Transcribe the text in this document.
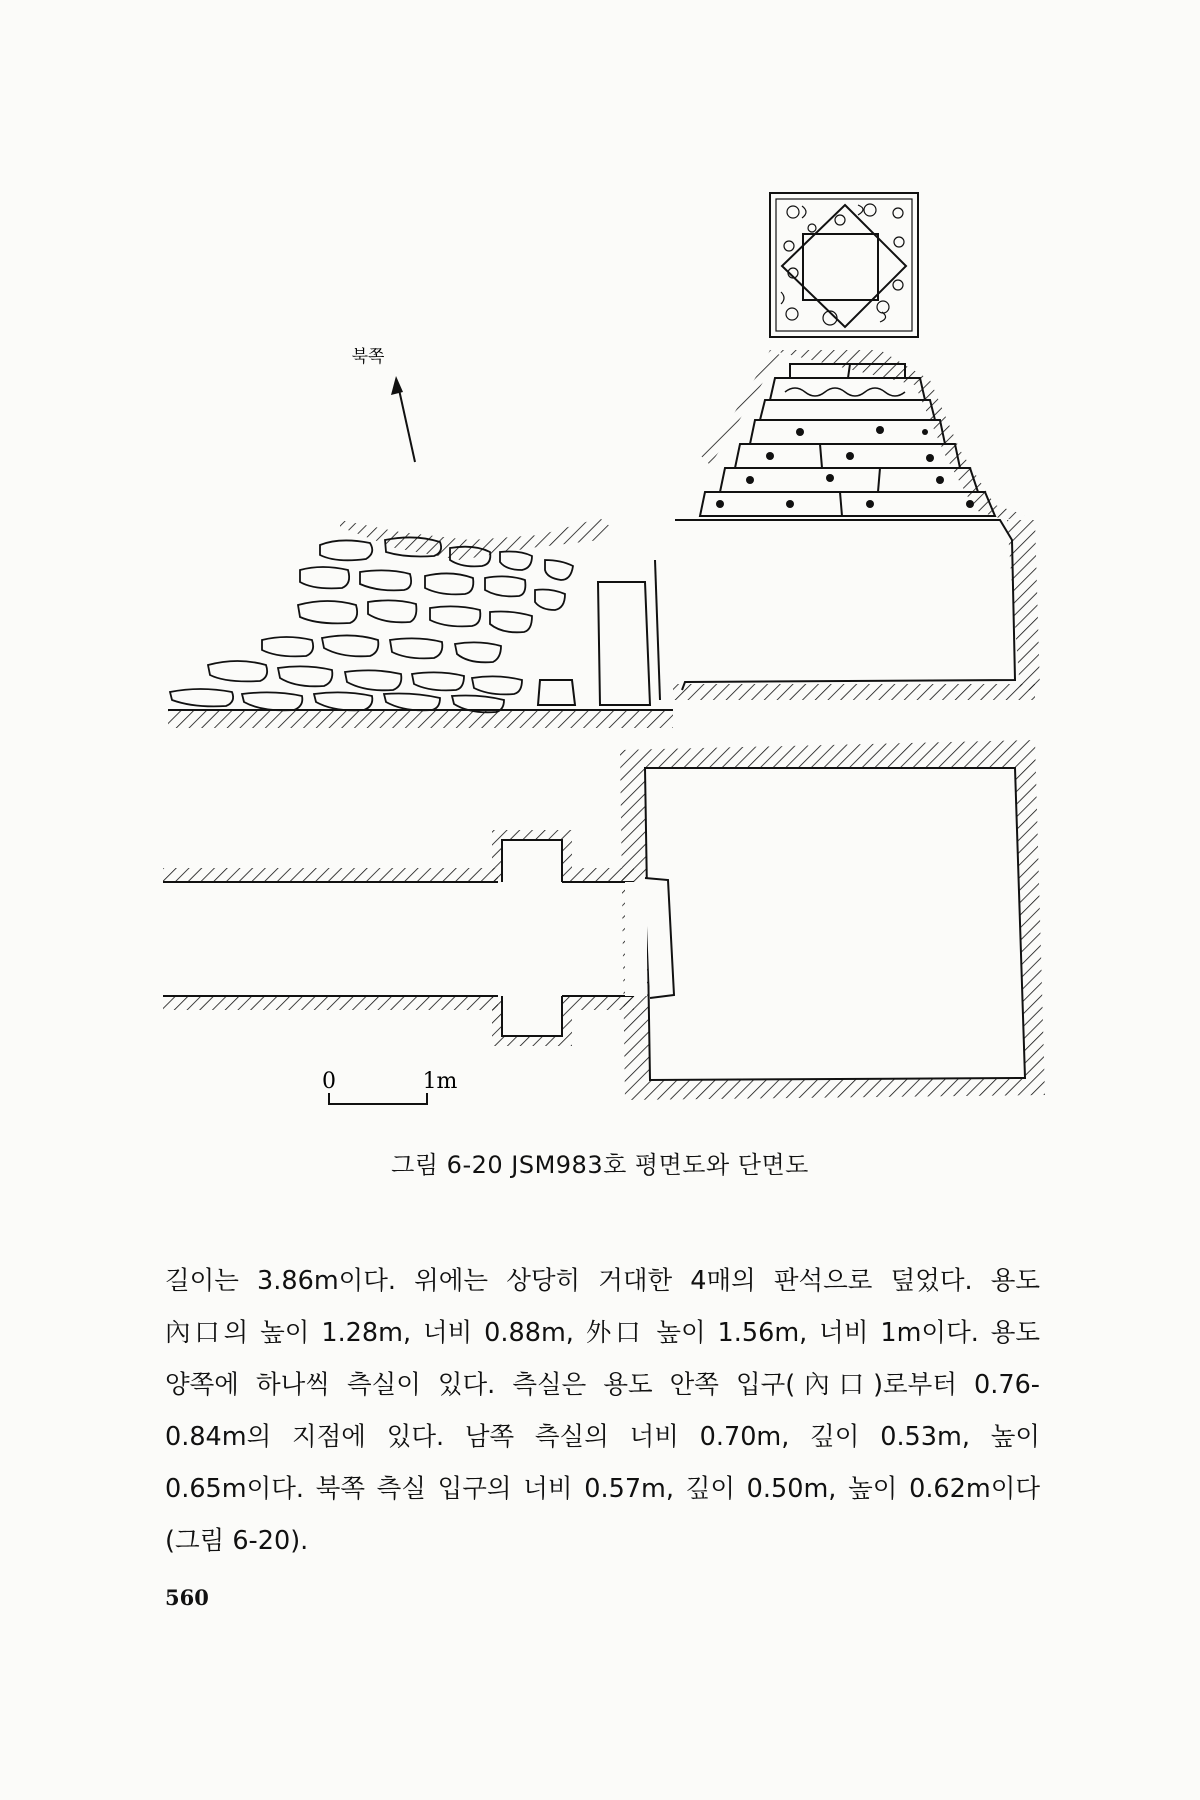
북쪽
0	1m
그림 6-20 JSM983호 평면도와 단면도
길이는 3.86m이다. 위에는 상당히 거대한 4매의 판석으로 덮었다. 용도 內口의 높이 1.28m, 너비 0.88m, 外口 높이 1.56m, 너비 1m이다. 용도 양쪽에 하나씩 측실이 있다. 측실은 용도 안쪽 입구(內口)로부터 0.76-0.84m의 지점에 있다. 남쪽 측실의 너비 0.70m, 깊이 0.53m, 높이 0.65m이다. 북쪽 측실 입구의 너비 0.57m, 깊이 0.50m, 높이 0.62m이다(그림 6-20).
560
